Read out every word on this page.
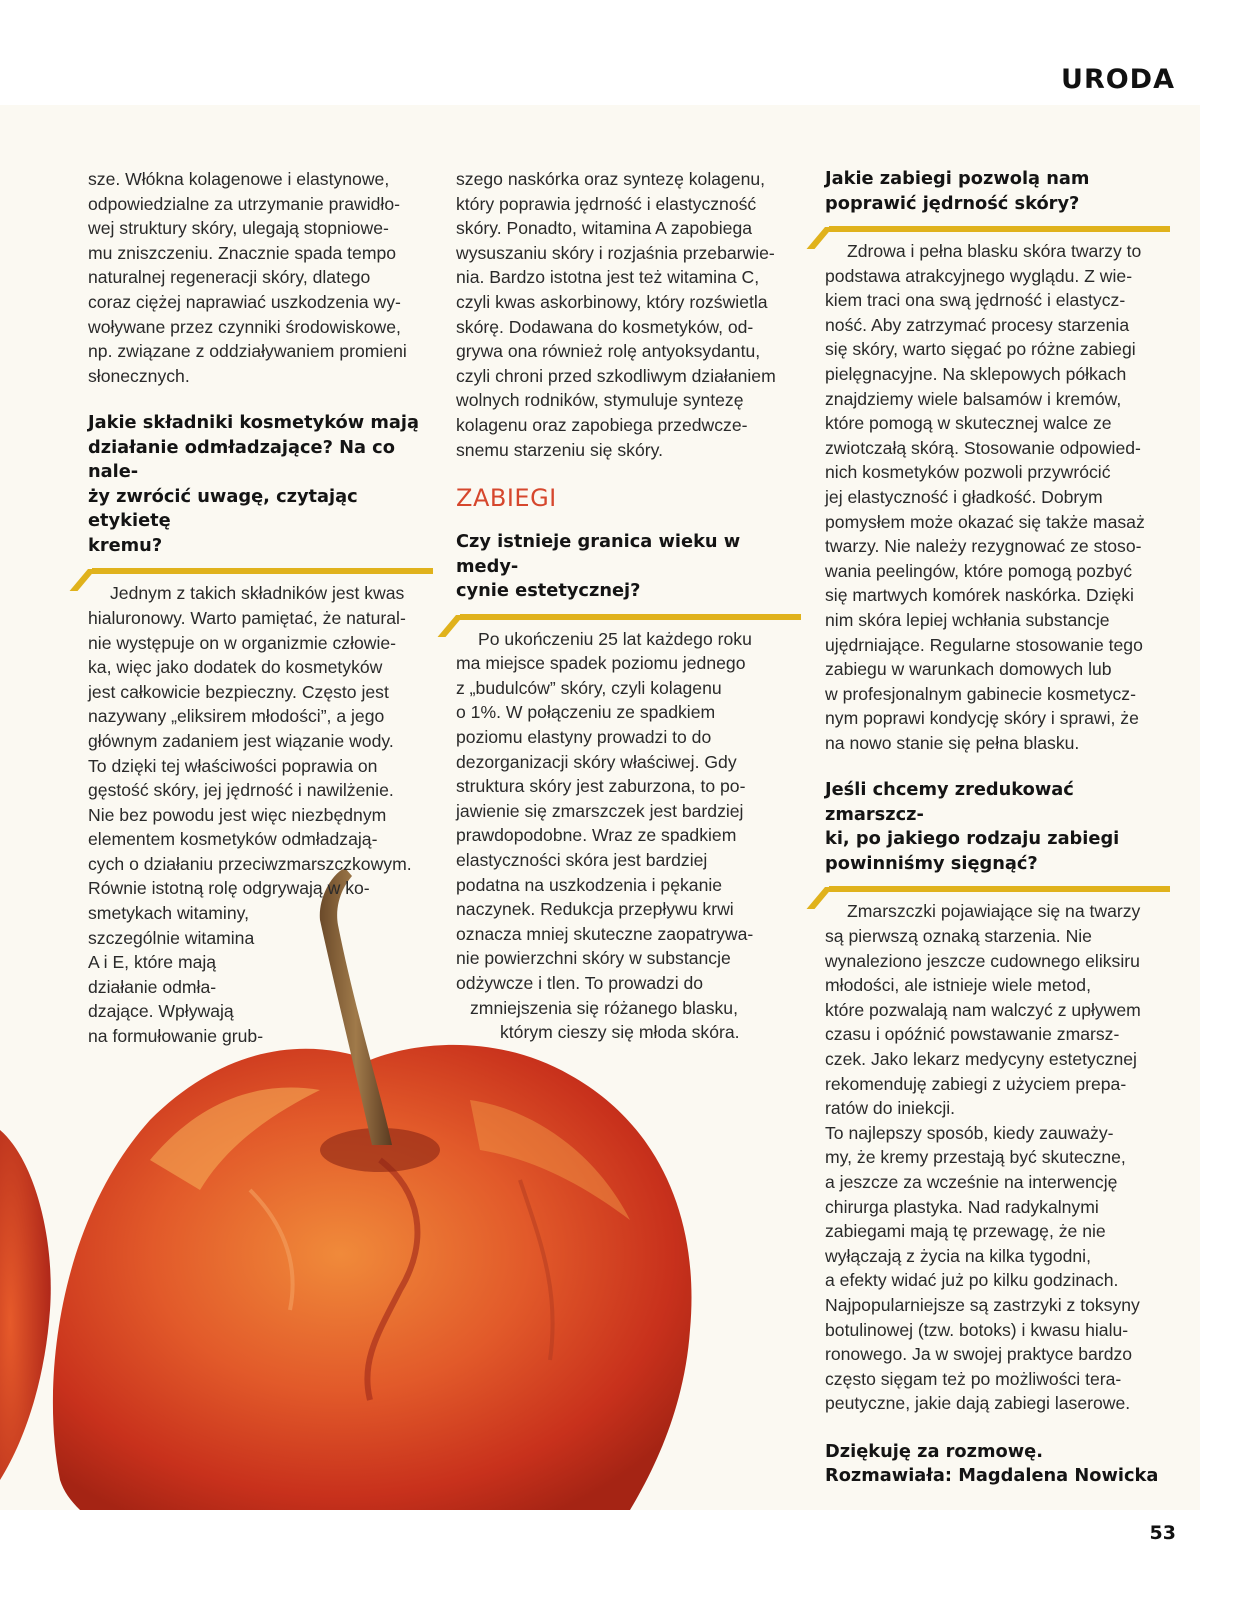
URODA

sze. Włókna kolagenowe i elastynowe,
odpowiedzialne za utrzymanie prawidło-
wej struktury skóry, ulegają stopniowe-
mu zniszczeniu. Znacznie spada tempo
naturalnej regeneracji skóry, dlatego
coraz ciężej naprawiać uszkodzenia wy-
woływane przez czynniki środowiskowe,
np. związane z oddziaływaniem promieni
słonecznych.

Jakie składniki kosmetyków mają
działanie odmładzające? Na co nale-
ży zwrócić uwagę, czytając etykietę
kremu?

Jednym z takich składników jest kwas
hialuronowy. Warto pamiętać, że natural-
nie występuje on w organizmie człowie-
ka, więc jako dodatek do kosmetyków
jest całkowicie bezpieczny. Często jest
nazywany „eliksirem młodości”, a jego
głównym zadaniem jest wiązanie wody.
To dzięki tej właściwości poprawia on
gęstość skóry, jej jędrność i nawilżenie.
Nie bez powodu jest więc niezbędnym
elementem kosmetyków odmładzają-
cych o działaniu przeciwzmarszczkowym.
Równie istotną rolę odgrywają w ko-
smetykach witaminy,
szczególnie witamina
A i E, które mają
działanie odmła-
dzające. Wpływają
na formułowanie grub-

szego naskórka oraz syntezę kolagenu,
który poprawia jędrność i elastyczność
skóry. Ponadto, witamina A zapobiega
wysuszaniu skóry i rozjaśnia przebarwie-
nia. Bardzo istotna jest też witamina C,
czyli kwas askorbinowy, który rozświetla
skórę. Dodawana do kosmetyków, od-
grywa ona również rolę antyoksydantu,
czyli chroni przed szkodliwym działaniem
wolnych rodników, stymuluje syntezę
kolagenu oraz zapobiega przedwcze-
snemu starzeniu się skóry.

ZABIEGI
Czy istnieje granica wieku w medy-
cynie estetycznej?

Po ukończeniu 25 lat każdego roku
ma miejsce spadek poziomu jednego
z „budulców” skóry, czyli kolagenu
o 1%. W połączeniu ze spadkiem
poziomu elastyny prowadzi to do
dezorganizacji skóry właściwej. Gdy
struktura skóry jest zaburzona, to po-
jawienie się zmarszczek jest bardziej
prawdopodobne. Wraz ze spadkiem
elastyczności skóra jest bardziej
podatna na uszkodzenia i pękanie
naczynek. Redukcja przepływu krwi
oznacza mniej skuteczne zaopatrywa-
nie powierzchni skóry w substancje
odżywcze i tlen. To prowadzi do
zmniejszenia się różanego blasku,
którym cieszy się młoda skóra.

Jakie zabiegi pozwolą nam
poprawić jędrność skóry?

Zdrowa i pełna blasku skóra twarzy to
podstawa atrakcyjnego wyglądu. Z wie-
kiem traci ona swą jędrność i elastycz-
ność. Aby zatrzymać procesy starzenia
się skóry, warto sięgać po różne zabiegi
pielęgnacyjne. Na sklepowych półkach
znajdziemy wiele balsamów i kremów,
które pomogą w skutecznej walce ze
zwiotczałą skórą. Stosowanie odpowied-
nich kosmetyków pozwoli przywrócić
jej elastyczność i gładkość. Dobrym
pomysłem może okazać się także masaż
twarzy. Nie należy rezygnować ze stoso-
wania peelingów, które pomogą pozbyć
się martwych komórek naskórka. Dzięki
nim skóra lepiej wchłania substancje
ujędrniające. Regularne stosowanie tego
zabiegu w warunkach domowych lub
w profesjonalnym gabinecie kosmetycz-
nym poprawi kondycję skóry i sprawi, że
na nowo stanie się pełna blasku.

Jeśli chcemy zredukować zmarszcz-
ki, po jakiego rodzaju zabiegi
powinniśmy sięgnąć?

Zmarszczki pojawiające się na twarzy
są pierwszą oznaką starzenia. Nie
wynaleziono jeszcze cudownego eliksiru
młodości, ale istnieje wiele metod,
które pozwalają nam walczyć z upływem
czasu i opóźnić powstawanie zmarsz-
czek. Jako lekarz medycyny estetycznej
rekomenduję zabiegi z użyciem prepa-
ratów do iniekcji.

To najlepszy sposób, kiedy zauważy-
my, że kremy przestają być skuteczne,
a jeszcze za wcześnie na interwencję
chirurga plastyka. Nad radykalnymi
zabiegami mają tę przewagę, że nie
wyłączają z życia na kilka tygodni,
a efekty widać już po kilku godzinach.
Najpopularniejsze są zastrzyki z toksyny
botulinowej (tzw. botoks) i kwasu hialu-
ronowego. Ja w swojej praktyce bardzo
często sięgam też po możliwości tera-
peutyczne, jakie dają zabiegi laserowe.

Dziękuję za rozmowę.
Rozmawiała: Magdalena Nowicka
53
